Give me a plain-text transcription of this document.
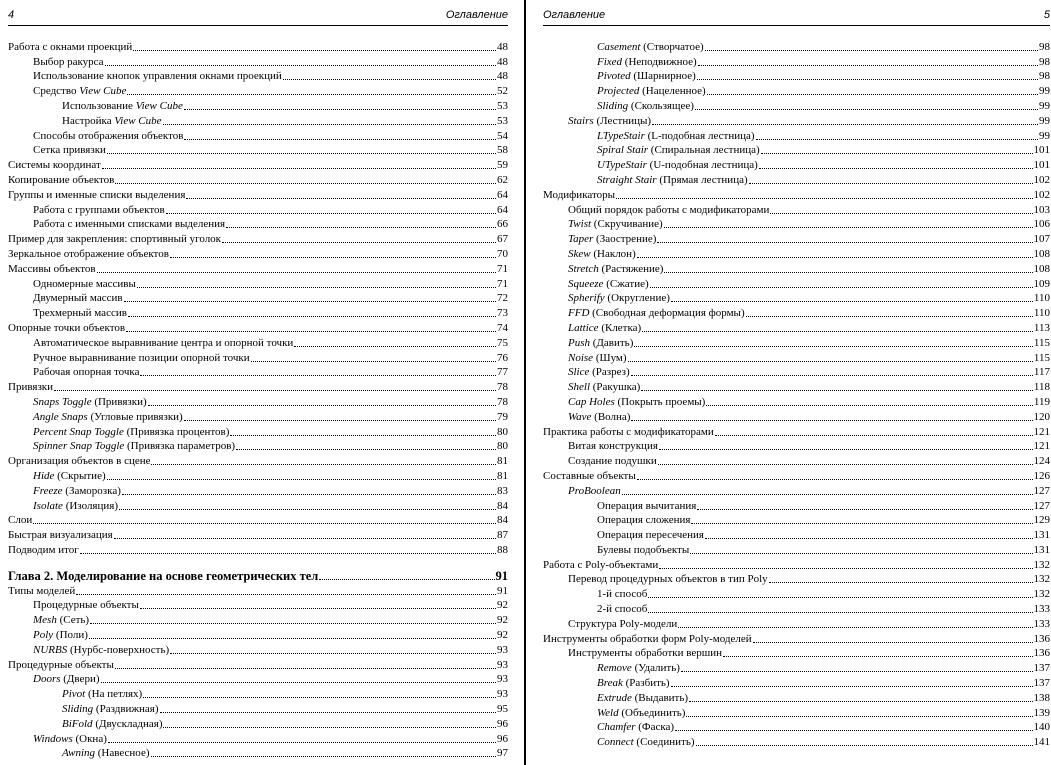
4	Оглавление
Работа с окнами проекций	48
Выбор ракурса	48
Использование кнопок управления окнами проекций	48
Средство View Cube	52
Использование View Cube	53
Настройка View Cube	53
Способы отображения объектов	54
Сетка привязки	58
Системы координат	59
Копирование объектов	62
Группы и именные списки выделения	64
Работа с группами объектов	64
Работа с именными списками выделения	66
Пример для закрепления: спортивный уголок	67
Зеркальное отображение объектов	70
Массивы объектов	71
Одномерные массивы	71
Двумерный массив	72
Трехмерный массив	73
Опорные точки объектов	74
Автоматическое выравнивание центра и опорной точки	75
Ручное выравнивание позиции опорной точки	76
Рабочая опорная точка	77
Привязки	78
Snaps Toggle (Привязки)	78
Angle Snaps (Угловые привязки)	79
Percent Snap Toggle (Привязка процентов)	80
Spinner Snap Toggle (Привязка параметров)	80
Организация объектов в сцене	81
Hide (Скрытие)	81
Freeze (Заморозка)	83
Isolate (Изоляция)	84
Слои	84
Быстрая визуализация	87
Подводим итог	88
Глава 2. Моделирование на основе геометрических тел	91
Типы моделей	91
Процедурные объекты	92
Mesh (Сеть)	92
Poly (Поли)	92
NURBS (Нурбс-поверхность)	93
Процедурные объекты	93
Doors (Двери)	93
Pivot (На петлях)	93
Sliding (Раздвижная)	95
BiFold (Двускладная)	96
Windows (Окна)	96
Awning (Навесное)	97
Оглавление	5
Casement (Створчатое)	98
Fixed (Неподвижное)	98
Pivoted (Шарнирное)	98
Projected (Нацеленное)	99
Sliding (Скользящее)	99
Stairs (Лестницы)	99
LTypeStair (L-подобная лестница)	99
Spiral Stair (Спиральная лестница)	101
UTypeStair (U-подобная лестница)	101
Straight Stair (Прямая лестница)	102
Модификаторы	102
Общий порядок работы с модификаторами	103
Twist (Скручивание)	106
Taper (Заострение)	107
Skew (Наклон)	108
Stretch (Растяжение)	108
Squeeze (Сжатие)	109
Spherify (Округление)	110
FFD (Свободная деформация формы)	110
Lattice (Клетка)	113
Push (Давить)	115
Noise (Шум)	115
Slice (Разрез)	117
Shell (Ракушка)	118
Cap Holes (Покрыть проемы)	119
Wave (Волна)	120
Практика работы с модификаторами	121
Витая конструкция	121
Создание подушки	124
Составные объекты	126
ProBoolean	127
Операция вычитания	127
Операция сложения	129
Операция пересечения	131
Булевы подобъекты	131
Работа с Poly-объектами	132
Перевод процедурных объектов в тип Poly	132
1-й способ	132
2-й способ	133
Структура Poly-модели	133
Инструменты обработки форм Poly-моделей	136
Инструменты обработки вершин	136
Remove (Удалить)	137
Break (Разбить)	137
Extrude (Выдавить)	138
Weld (Объединить)	139
Chamfer (Фаска)	140
Connect (Соединить)	141
